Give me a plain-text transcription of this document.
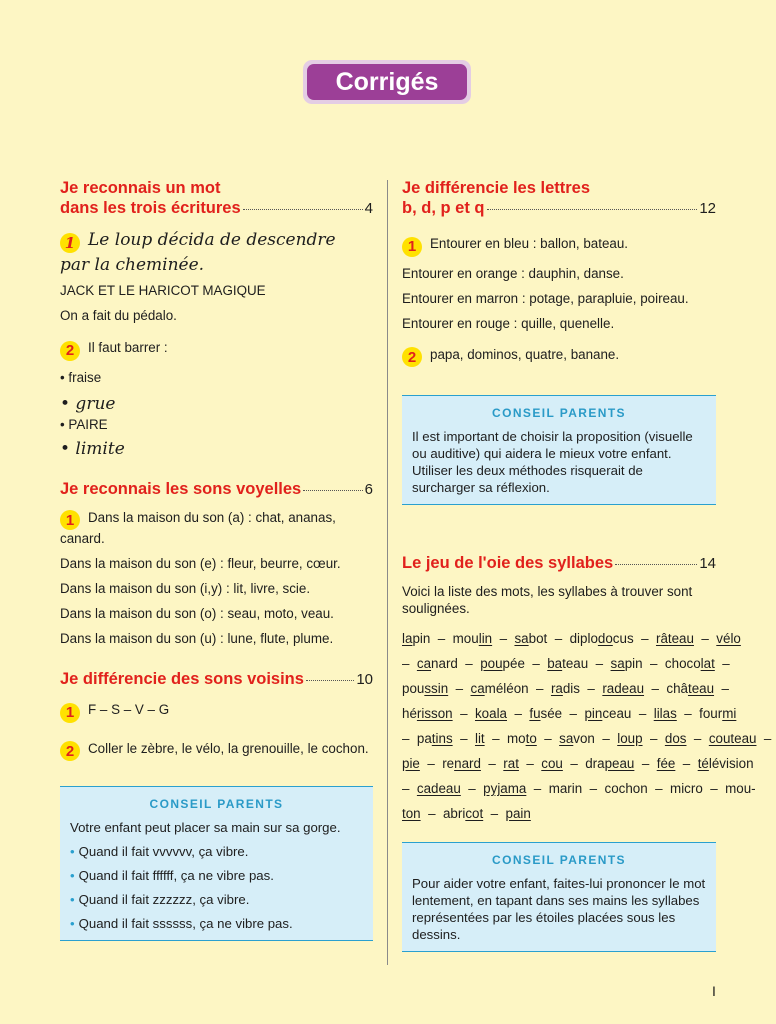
Corrigés
Je reconnais un mot
dans les trois écritures	4
1 Le loup décida de descendre
par la cheminée.

JACK ET LE HARICOT MAGIQUE

On a fait du pédalo.

2 Il faut barrer :

• fraise

• grue

• PAIRE

• limite

Je reconnais les sons voyelles	6

1 Dans la maison du son (a) : chat, ananas, canard.

Dans la maison du son (e) : fleur, beurre, cœur.

Dans la maison du son (i,y) : lit, livre, scie.

Dans la maison du son (o) : seau, moto, veau.

Dans la maison du son (u) : lune, flute, plume.

Je différencie des sons voisins	10

1 F – S – V – G

2 Coller le zèbre, le vélo, la grenouille, le cochon.

CONSEIL PARENTS

Votre enfant peut placer sa main sur sa gorge.

• Quand il fait vvvvvv, ça vibre.

• Quand il fait ffffff, ça ne vibre pas.

• Quand il fait zzzzzz, ça vibre.

• Quand il fait ssssss, ça ne vibre pas.

Je différencie les lettres
b, d, p et q	12

1 Entourer en bleu : ballon, bateau.

Entourer en orange : dauphin, danse.

Entourer en marron : potage, parapluie, poireau.

Entourer en rouge : quille, quenelle.

2 papa, dominos, quatre, banane.

CONSEIL PARENTS

Il est important de choisir la proposition (visuelle ou auditive) qui aidera le mieux votre enfant. Utiliser les deux méthodes risquerait de surcharger sa réflexion.

Le jeu de l'oie des syllabes	14

Voici la liste des mots, les syllabes à trouver sont soulignées.

lapin  –  moulin  –  sabot  –  diplodocus  –  râteau  –  vélo

–  canard  –  poupée  –  bateau  –  sapin  –  chocolat  –

poussin  –  caméléon  –  radis  –  radeau  –  château  –

hérisson  –  koala  –  fusée  –  pinceau  –  lilas  –  fourmi

–  patins  –  lit  –  moto  –  savon  –  loup  –  dos  –  couteau  –

pie  –  renard  –  rat  –  cou  –  drapeau  –  fée  –  télévision

–  cadeau  –  pyjama  –  marin  –  cochon  –  micro  –  mou-

ton  –  abricot  –  pain

CONSEIL PARENTS

Pour aider votre enfant, faites-lui prononcer le mot lentement, en tapant dans ses mains les syllabes représentées par les étoiles placées sous les dessins.

I
